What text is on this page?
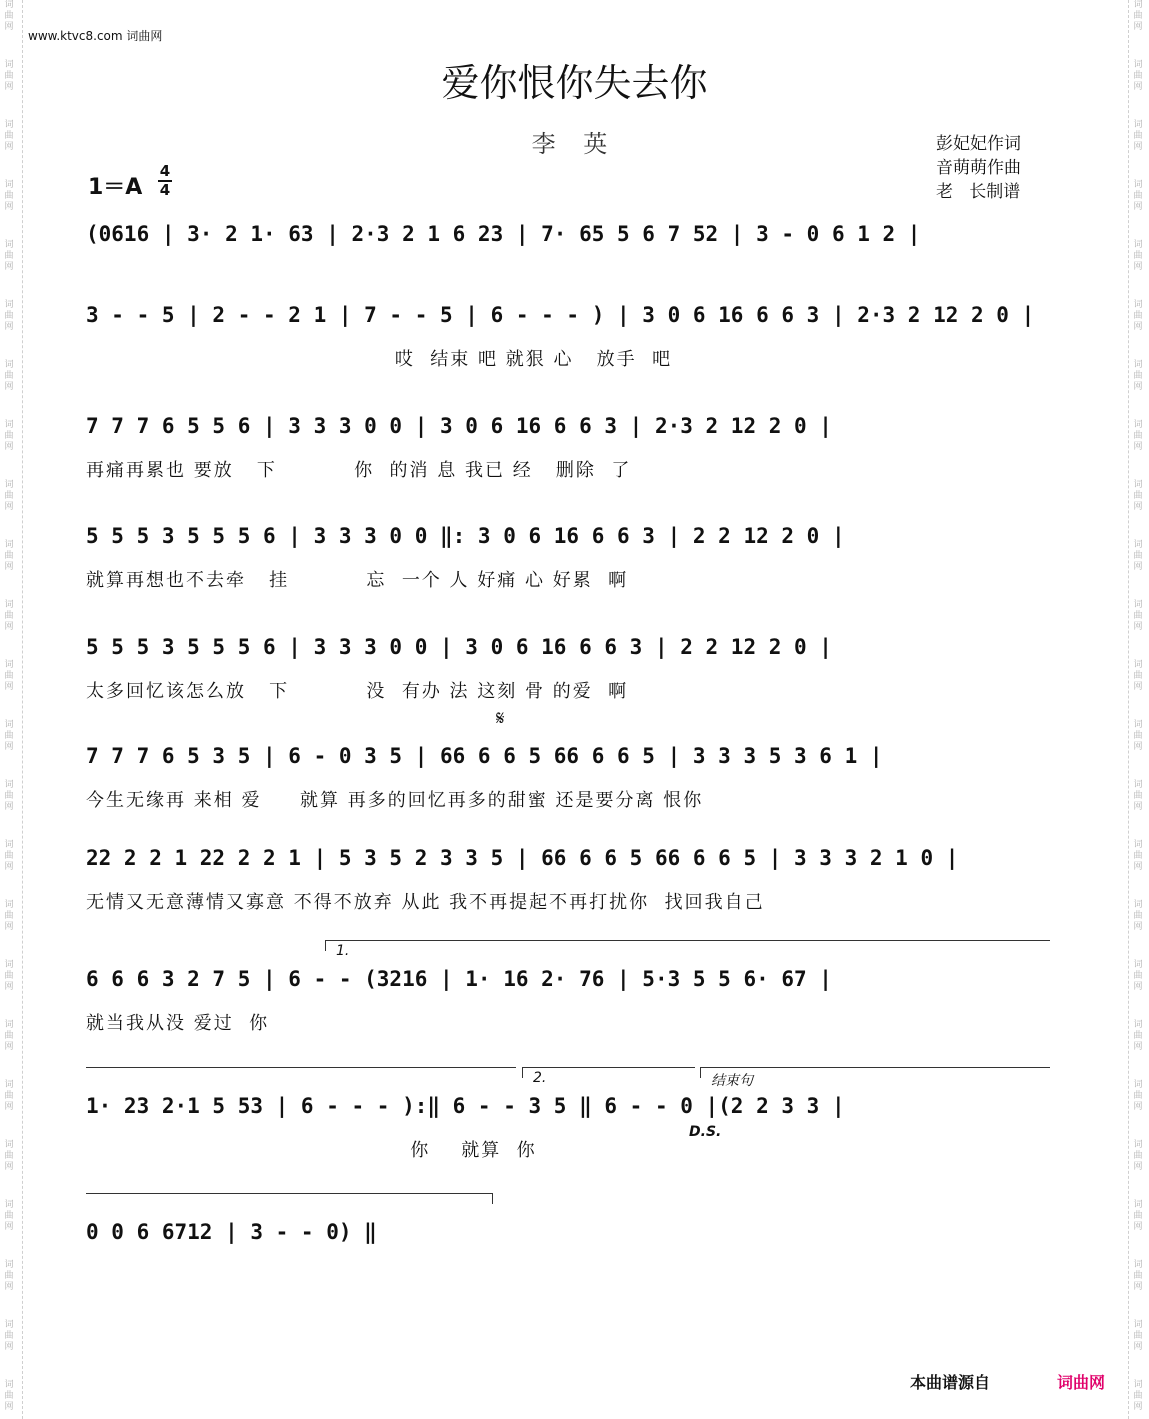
词
曲
网
词
曲
网
词
曲
网
词
曲
网
词
曲
网
词
曲
网
词
曲
网
词
曲
网
词
曲
网
词
曲
网
词
曲
网
词
曲
网
词
曲
网
词
曲
网
词
曲
网
词
曲
网
词
曲
网
词
曲
网
词
曲
网
词
曲
网
词
曲
网
词
曲
网
词
曲
网
词
曲
网
词
曲
网
词
曲
网
词
曲
网
词
曲
网
词
曲
网
词
曲
网
词
曲
网
词
曲
网
词
曲
网
词
曲
网
词
曲
网
词
曲
网
词
曲
网
词
曲
网
词
曲
网
词
曲
网
词
曲
网
词
曲
网
词
曲
网
词
曲
网
词
曲
网
词
曲
网
词
曲
网
词
曲
网
www.ktvc8.com 词曲网
爱你恨你失去你
李 英	彭妃妃作词
音萌萌作曲
老   长制谱
1＝A
4
4
(0616 | 3· 2 1· 63 | 2·3 2 1 6 23 | 7· 65 5 6 7 52 | 3 - 0 6 1 2 |
3 - - 5 | 2 - - 2 1 | 7 - - 5 | 6 - - - ) | 3 0 6 16 6 6 3 | 2·3 2 12 2 0 |
哎  结束 吧 就狠 心   放手  吧
7 7 7 6 5 5 6 | 3 3 3 0 0 | 3 0 6 16 6 6 3 | 2·3 2 12 2 0 |
再痛再累也 要放   下          你  的消 息 我已 经   删除  了
5 5 5 3 5 5 5 6 | 3 3 3 0 0 ‖: 3 0 6 16 6 6 3 | 2 2 12 2 0 |
就算再想也不去牵   挂          忘  一个 人 好痛 心 好累  啊
5 5 5 3 5 5 5 6 | 3 3 3 0 0 | 3 0 6 16 6 6 3 | 2 2 12 2 0 |
太多回忆该怎么放   下          没  有办 法 这刻 骨 的爱  啊
7 7 7 6 5 3 5 | 6 - 0 3 5 | 66 6 6 5 66 6 6 5 | 3 3 3 5 3 6 1 |
今生无缘再 来相 爱     就算 再多的回忆再多的甜蜜 还是要分离 恨你
22 2 2 1 22 2 2 1 | 5 3 5 2 3 3 5 | 66 6 6 5 66 6 6 5 | 3 3 3 2 1 0 |
无情又无意薄情又寡意 不得不放弃 从此 我不再提起不再打扰你  找回我自己
6 6 6 3 2 7 5 | 6 - - (3216 | 1· 16 2· 76 | 5·3 5 5 6· 67 |
就当我从没 爱过  你
1· 23 2·1 5 53 | 6 - - - ):‖ 6 - - 3 5 ‖ 6 - - 0 |(2 2 3 3 |
你    就算  你
0 0 6 6712 | 3 - - 0) ‖
1.
2.	结束句
D.S.
𝄋
本曲谱源自	词曲网
